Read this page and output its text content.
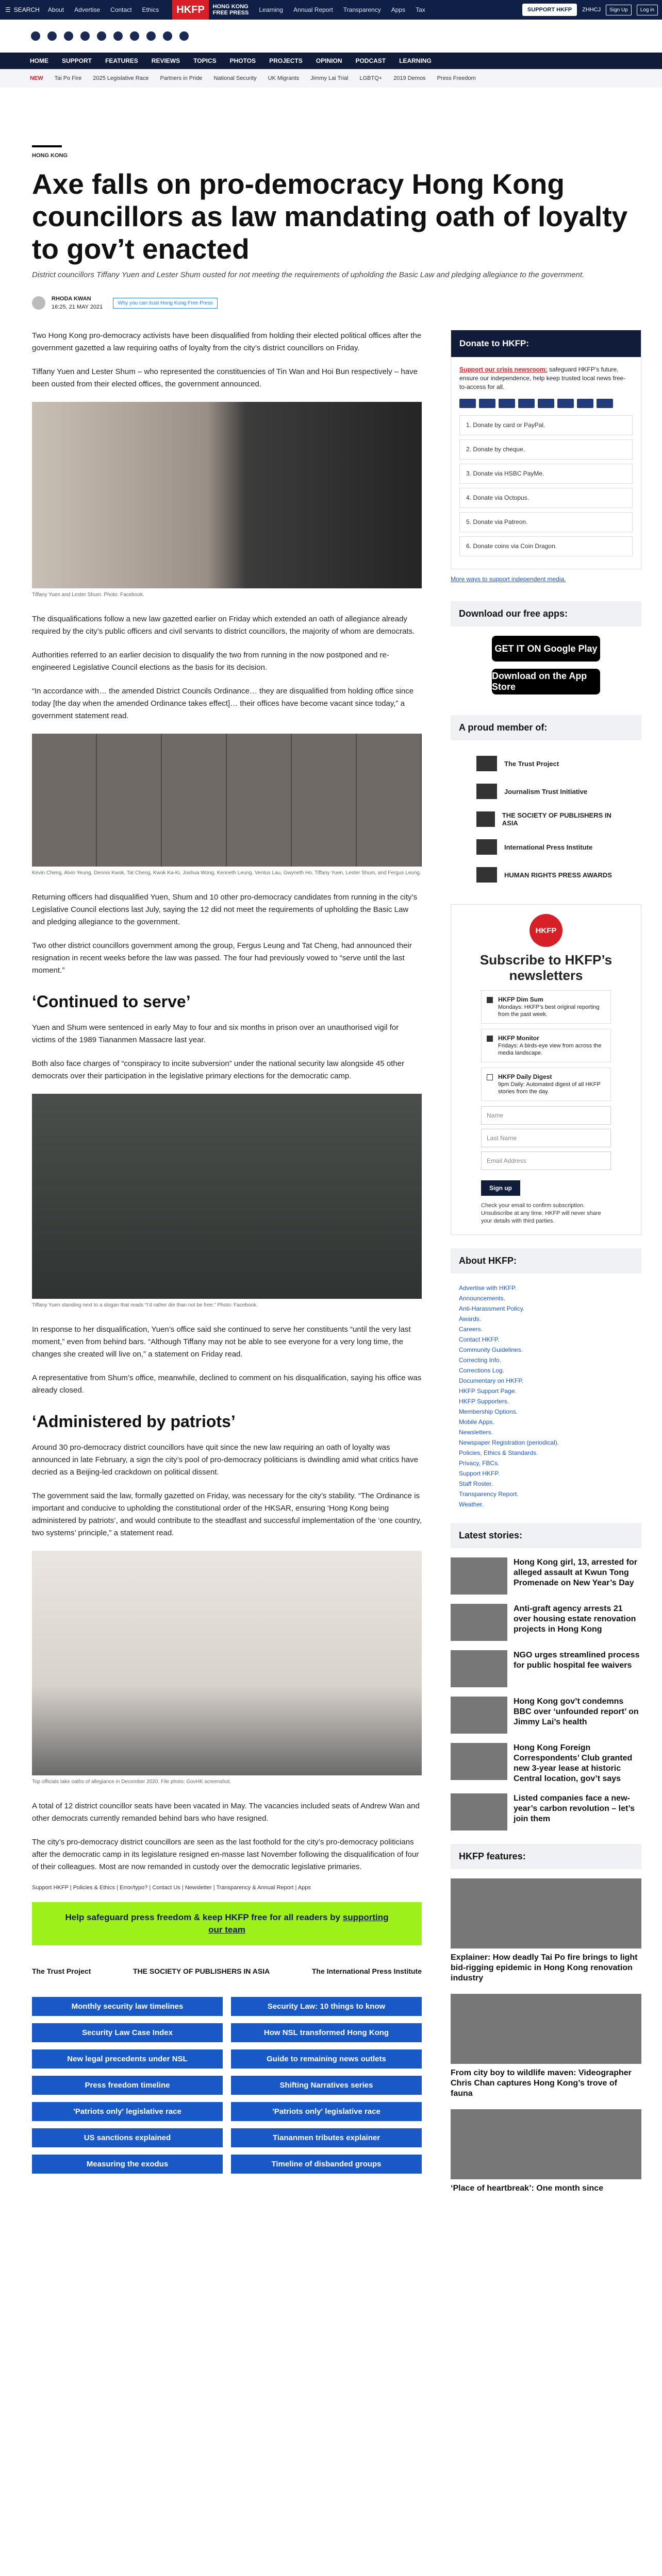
☰ SEARCH About Advertise Contact Ethics	HKFP	HONG KONG
FREE PRESS Learning Annual Report Transparency Apps Tax	SUPPORT HKFP	ZHHCJ	Sign Up	Log in
HOME SUPPORT FEATURES REVIEWS TOPICS PHOTOS PROJECTS OPINION PODCAST LEARNING
NEW Tai Po Fire 2025 Legislative Race Partners in Pride National Security UK Migrants Jimmy Lai Trial LGBTQ+ 2019 Demos Press Freedom
HONG KONG
Axe falls on pro-democracy Hong Kong councillors as law mandating oath of loyalty to gov’t enacted
District councillors Tiffany Yuen and Lester Shum ousted for not meeting the requirements of upholding the Basic Law and pledging allegiance to the government.
RHODA KWAN
16:25, 21 MAY 2021
Why you can trust Hong Kong Free Press

Two Hong Kong pro-democracy activists have been disqualified from holding their elected political offices after the government gazetted a law requiring oaths of loyalty from the city’s district councillors on Friday.

Tiffany Yuen and Lester Shum – who represented the constituencies of Tin Wan and Hoi Bun respectively – have been ousted from their elected offices, the government announced.

Tiffany Yuen and Lester Shum. Photo: Facebook.

The disqualifications follow a new law gazetted earlier on Friday which extended an oath of allegiance already required by the city’s public officers and civil servants to district councillors, the majority of whom are democrats.

Authorities referred to an earlier decision to disqualify the two from running in the now postponed and re-engineered Legislative Council elections as the basis for its decision.

“In accordance with… the amended District Councils Ordinance… they are disqualified from holding office since today [the day when the amended Ordinance takes effect]… their offices have become vacant since today,” a government statement read.

Kevin Cheng, Alvin Yeung, Dennis Kwok, Tat Cheng, Kwok Ka-Ki, Joshua Wong, Kenneth Leung, Ventus Lau, Gwyneth Ho, Tiffany Yuen, Lester Shum, and Fergus Leung.

Returning officers had disqualified Yuen, Shum and 10 other pro-democracy candidates from running in the city’s Legislative Council elections last July, saying the 12 did not meet the requirements of upholding the Basic Law and pledging allegiance to the government.

Two other district councillors government among the group, Fergus Leung and Tat Cheng, had announced their resignation in recent weeks before the law was passed. The four had previously vowed to “serve until the last moment.”

‘Continued to serve’

Yuen and Shum were sentenced in early May to four and six months in prison over an unauthorised vigil for victims of the 1989 Tiananmen Massacre last year.

Both also face charges of “conspiracy to incite subversion” under the national security law alongside 45 other democrats over their participation in the legislative primary elections for the democratic camp.

Tiffany Yuen standing next to a slogan that reads “I’d rather die than not be free.” Photo: Facebook.

In response to her disqualification, Yuen’s office said she continued to serve her constituents “until the very last moment,” even from behind bars. “Although Tiffany may not be able to see everyone for a very long time, the changes she created will live on,” a statement on Friday read.

A representative from Shum’s office, meanwhile, declined to comment on his disqualification, saying his office was already closed.

‘Administered by patriots’

Around 30 pro-democracy district councillors have quit since the new law requiring an oath of loyalty was announced in late February, a sign the city’s pool of pro-democracy politicians is dwindling amid what critics have decried as a Beijing-led crackdown on political dissent.

The government said the law, formally gazetted on Friday, was necessary for the city’s stability. “The Ordinance is important and conducive to upholding the constitutional order of the HKSAR, ensuring ‘Hong Kong being administered by patriots’, and would contribute to the steadfast and successful implementation of the ‘one country, two systems’ principle,” a statement read.

Top officials take oaths of allegiance in December 2020. File photo: GovHK screenshot.

A total of 12 district councillor seats have been vacated in May. The vacancies included seats of Andrew Wan and other democrats currently remanded behind bars who have resigned.

The city’s pro-democracy district councillors are seen as the last foothold for the city’s pro-democracy politicians after the democratic camp in its legislature resigned en-masse last November following the disqualification of four of their colleagues. Most are now remanded in custody over the democratic legislative primaries.

Support HKFP | Policies & Ethics | Error/typo? | Contact Us | Newsletter | Transparency & Annual Report | Apps
Help safeguard press freedom & keep HKFP free for all readers by supporting our team
The Trust Project	THE SOCIETY OF PUBLISHERS IN ASIA	The International Press Institute
Monthly security law timelines	Security Law: 10 things to know
Security Law Case Index	How NSL transformed Hong Kong
New legal precedents under NSL	Guide to remaining news outlets
Press freedom timeline	Shifting Narratives series
'Patriots only' legislative race	'Patriots only' legislative race
US sanctions explained	Tiananmen tributes explainer
Measuring the exodus	Timeline of disbanded groups
Donate to HKFP:
Support our crisis newsroom: safeguard HKFP’s future, ensure our independence, help keep trusted local news free-to-access for all.
1. Donate by card or PayPal.
2. Donate by cheque.
3. Donate via HSBC PayMe.
4. Donate via Octopus.
5. Donate via Patreon.
6. Donate coins via Coin Dragon.
More ways to support independent media.
Download our free apps:
GET IT ON Google Play
Download on the App Store
A proud member of:
The Trust Project
Journalism Trust Initiative
THE SOCIETY OF PUBLISHERS IN ASIA
International Press Institute
HUMAN RIGHTS PRESS AWARDS
HKFP
Subscribe to HKFP’s newsletters
HKFP Dim Sum
Mondays: HKFP’s best original reporting from the past week.
HKFP Monitor
Fridays: A birds-eye view from across the media landscape.
HKFP Daily Digest
9pm Daily: Automated digest of all HKFP stories from the day.
Name
Last Name
Email Address
Sign up
Check your email to confirm subscription. Unsubscribe at any time. HKFP will never share your details with third parties.
About HKFP:
Advertise with HKFP.
Announcements.
Anti-Harassment Policy.
Awards.
Careers.
Contact HKFP.
Community Guidelines.
Correcting Info.
Corrections Log.
Documentary on HKFP.
HKFP Support Page.
HKFP Supporters.
Membership Options.
Mobile Apps.
Newsletters.
Newspaper Registration (periodical).
Policies, Ethics & Standards.
Privacy, FBCs.
Support HKFP.
Staff Roster.
Transparency Report.
Weather.
Latest stories:
Hong Kong girl, 13, arrested for alleged assault at Kwun Tong Promenade on New Year’s Day
Anti-graft agency arrests 21 over housing estate renovation projects in Hong Kong
NGO urges streamlined process for public hospital fee waivers
Hong Kong gov’t condemns BBC over ‘unfounded report’ on Jimmy Lai’s health
Hong Kong Foreign Correspondents’ Club granted new 3-year lease at historic Central location, gov’t says
Listed companies face a new-year’s carbon revolution – let’s join them
HKFP features:
Explainer: How deadly Tai Po fire brings to light bid-rigging epidemic in Hong Kong renovation industry
From city boy to wildlife maven: Videographer Chris Chan captures Hong Kong’s trove of fauna
‘Place of heartbreak’: One month since
